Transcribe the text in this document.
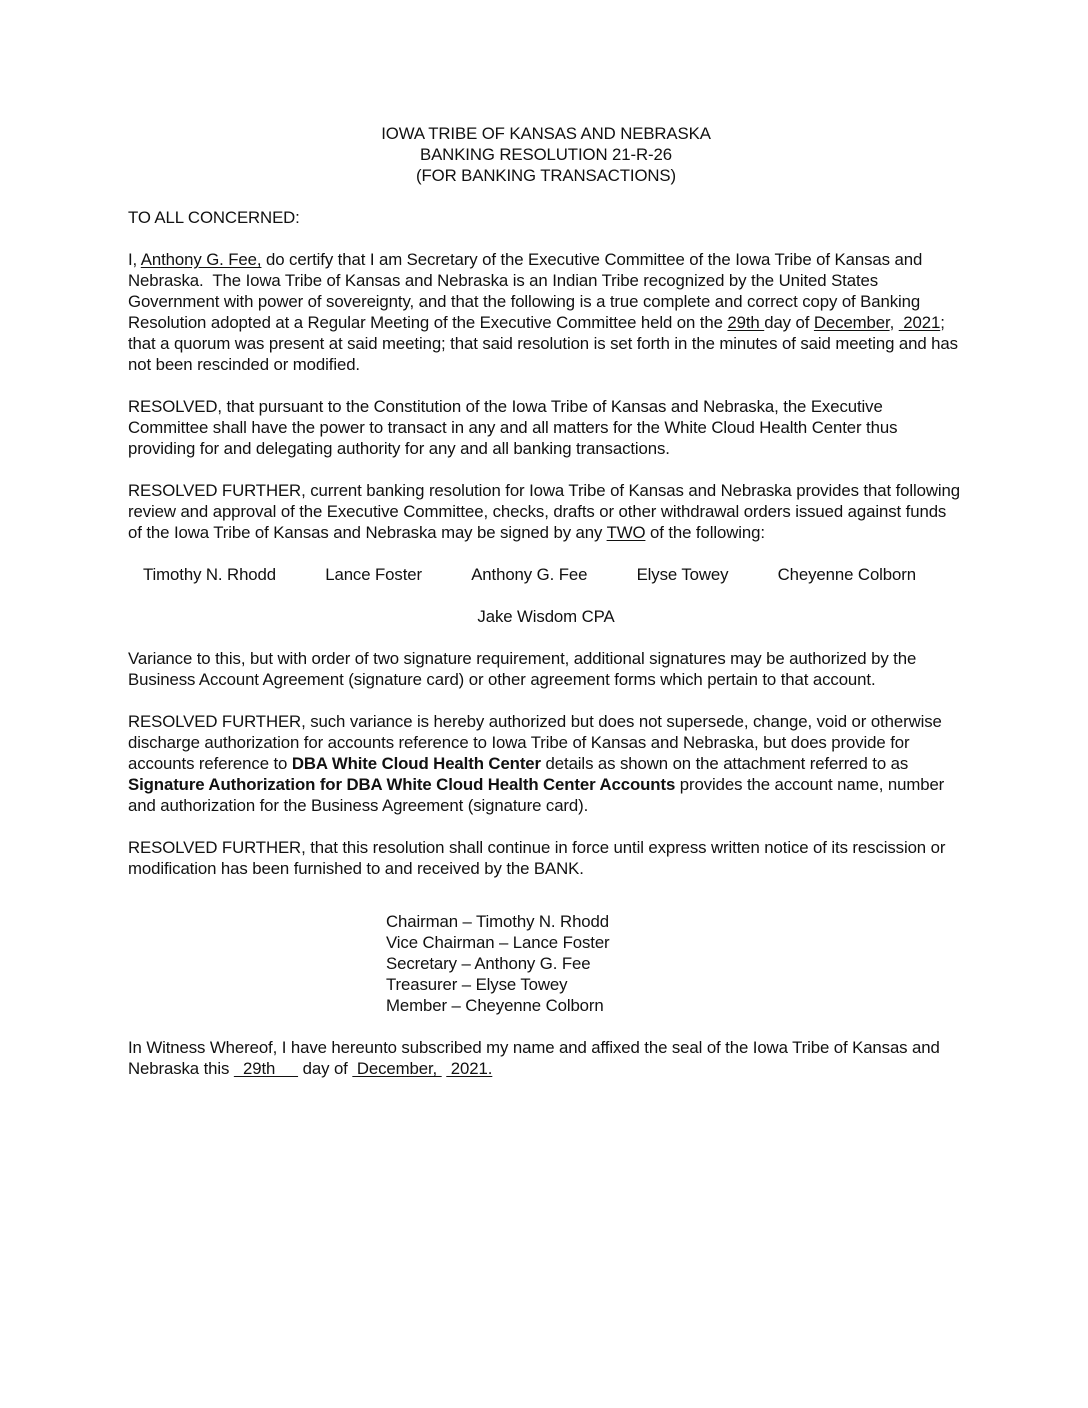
IOWA TRIBE OF KANSAS AND NEBRASKA
BANKING RESOLUTION 21-R-26
(FOR BANKING TRANSACTIONS)

TO ALL CONCERNED:

I, Anthony G. Fee, do certify that I am Secretary of the Executive Committee of the Iowa Tribe of Kansas and Nebraska.  The Iowa Tribe of Kansas and Nebraska is an Indian Tribe recognized by the United States Government with power of sovereignty, and that the following is a true complete and correct copy of Banking Resolution adopted at a Regular Meeting of the Executive Committee held on the 29th day of December,  2021; that a quorum was present at said meeting; that said resolution is set forth in the minutes of said meeting and has not been rescinded or modified.

RESOLVED, that pursuant to the Constitution of the Iowa Tribe of Kansas and Nebraska, the Executive Committee shall have the power to transact in any and all matters for the White Cloud Health Center thus providing for and delegating authority for any and all banking transactions.

RESOLVED FURTHER, current banking resolution for Iowa Tribe of Kansas and Nebraska provides that following review and approval of the Executive Committee, checks, drafts or other withdrawal orders issued against funds of the Iowa Tribe of Kansas and Nebraska may be signed by any TWO of the following:

Timothy N. Rhodd	Lance Foster	Anthony G. Fee	Elyse Towey	Cheyenne Colborn
Jake Wisdom CPA

Variance to this, but with order of two signature requirement, additional signatures may be authorized by the Business Account Agreement (signature card) or other agreement forms which pertain to that account.

RESOLVED FURTHER, such variance is hereby authorized but does not supersede, change, void or otherwise discharge authorization for accounts reference to Iowa Tribe of Kansas and Nebraska, but does provide for accounts reference to DBA White Cloud Health Center details as shown on the attachment referred to as Signature Authorization for DBA White Cloud Health Center Accounts provides the account name, number and authorization for the Business Agreement (signature card).

RESOLVED FURTHER, that this resolution shall continue in force until express written notice of its rescission or modification has been furnished to and received by the BANK.

Chairman – Timothy N. Rhodd
Vice Chairman – Lance Foster
Secretary – Anthony G. Fee
Treasurer – Elyse Towey
Member – Cheyenne Colborn

In Witness Whereof, I have hereunto subscribed my name and affixed the seal of the Iowa Tribe of Kansas and Nebraska this   29th      day of  December,   2021.
